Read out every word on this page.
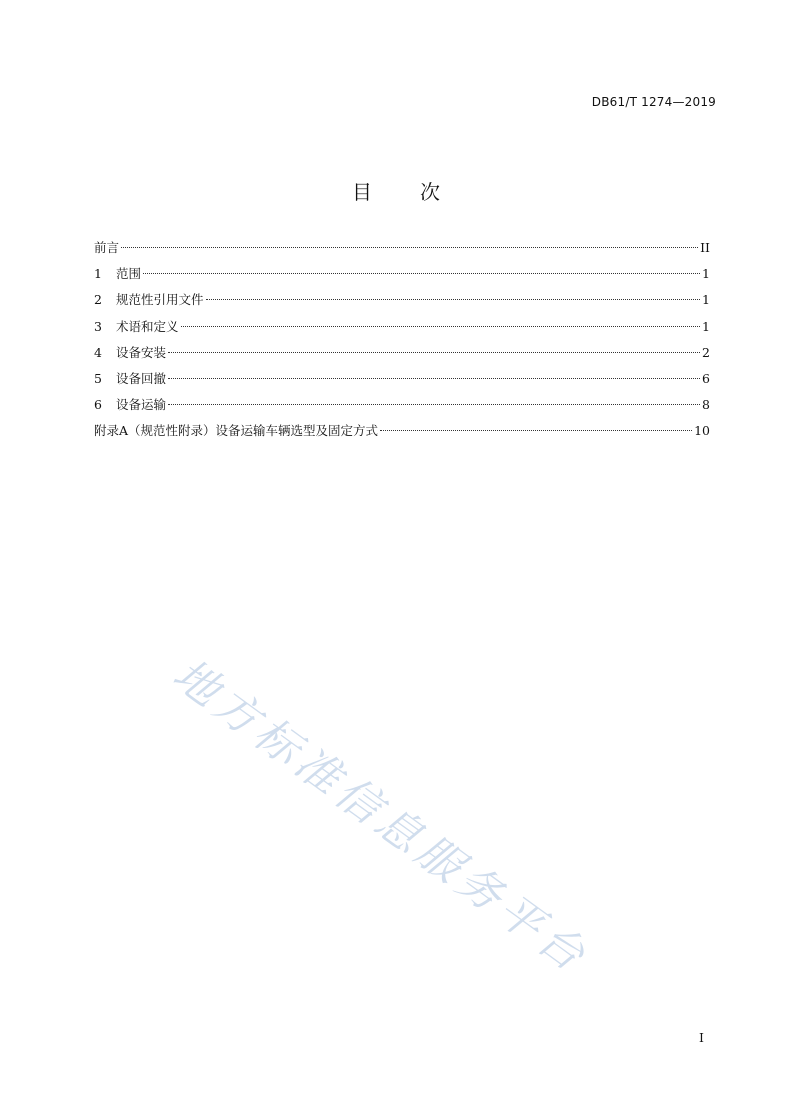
DB61/T 1274—2019
目 次
前言	II
1	范围	1
2	规范性引用文件	1
3	术语和定义	1
4	设备安装	2
5	设备回撤	6
6	设备运输	8
附录A（规范性附录）设备运输车辆选型及固定方式	10
地方标准信息服务平台
I
